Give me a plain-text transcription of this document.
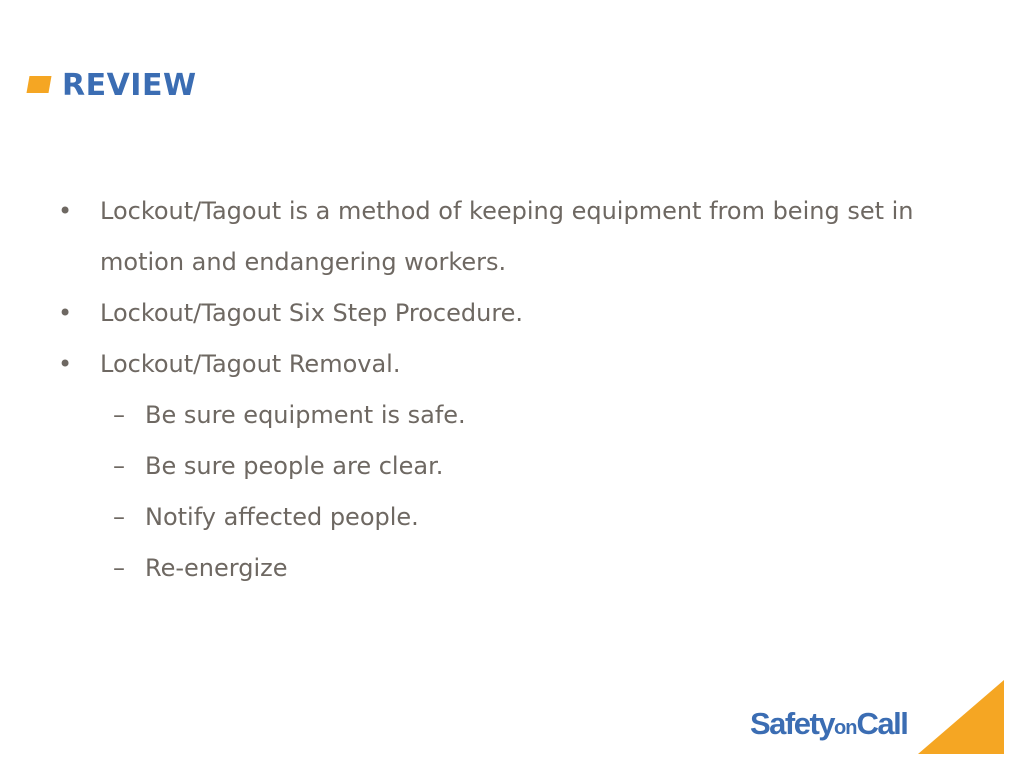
REVIEW
• Lockout/Tagout is a method of keeping equipment from being set in motion and endangering workers.
• Lockout/Tagout Six Step Procedure.
• Lockout/Tagout Removal.
– Be sure equipment is safe.
– Be sure people are clear.
– Notify affected people.
– Re-energize
SafetyonCall
